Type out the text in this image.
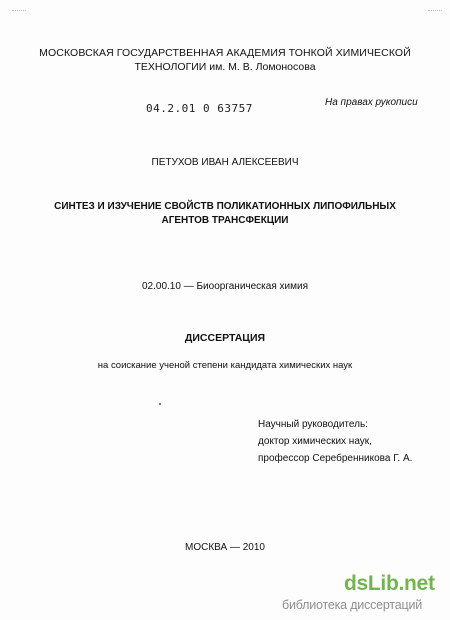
МОСКОВСКАЯ ГОСУДАРСТВЕННАЯ АКАДЕМИЯ ТОНКОЙ ХИМИЧЕСКОЙ
ТЕХНОЛОГИИ им. М. В. Ломоносова
04.2.01 0 63757	На правах рукописи
ПЕТУХОВ ИВАН АЛЕКСЕЕВИЧ
СИНТЕЗ И ИЗУЧЕНИЕ СВОЙСТВ ПОЛИКАТИОННЫХ ЛИПОФИЛЬНЫХ
АГЕНТОВ ТРАНСФЕКЦИИ
02.00.10 — Биоорганическая химия
ДИССЕРТАЦИЯ
на соискание ученой степени кандидата химических наук
Научный руководитель:
доктор химических наук,
профессор Серебренникова Г. А.
МОСКВА — 2010
dsLib.net
библиотека диссертаций
